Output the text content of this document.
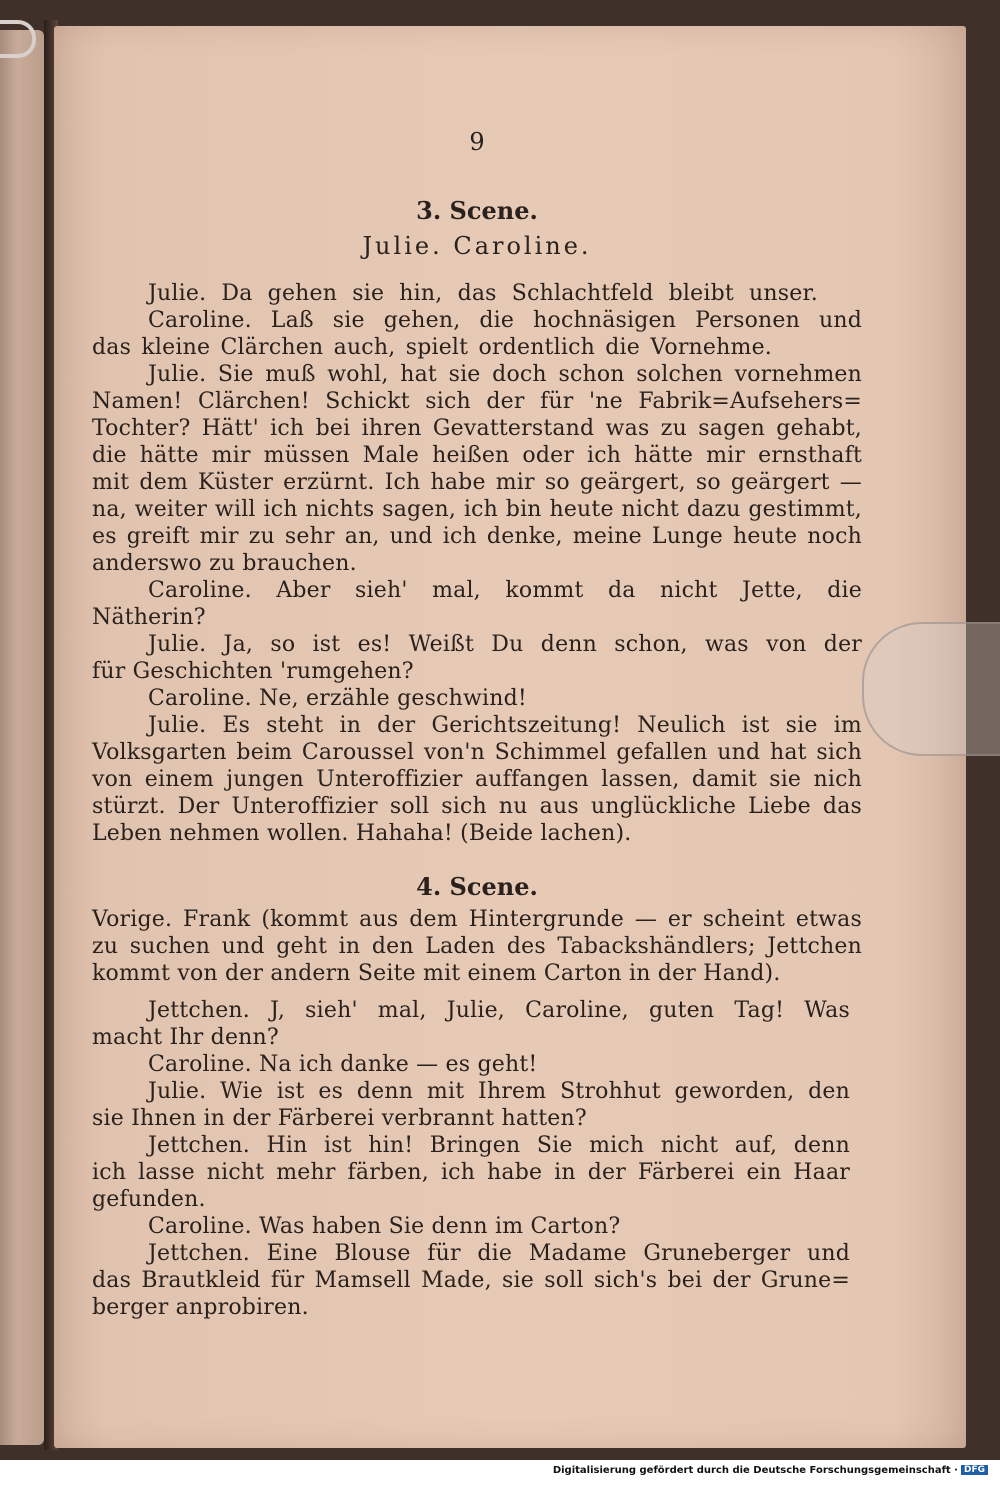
9

3. Scene.

Julie. Caroline.

Julie. Da gehen sie hin, das Schlachtfeld bleibt unser.

Caroline. Laß sie gehen, die hochnäsigen Personen und

das kleine Clärchen auch, spielt ordentlich die Vornehme.

Julie. Sie muß wohl, hat sie doch schon solchen vornehmen

Namen! Clärchen! Schickt sich der für 'ne Fabrik=Aufsehers=

Tochter? Hätt' ich bei ihren Gevatterstand was zu sagen gehabt,

die hätte mir müssen Male heißen oder ich hätte mir ernsthaft

mit dem Küster erzürnt. Ich habe mir so geärgert, so geärgert —

na, weiter will ich nichts sagen, ich bin heute nicht dazu gestimmt,

es greift mir zu sehr an, und ich denke, meine Lunge heute noch

anderswo zu brauchen.

Caroline. Aber sieh' mal, kommt da nicht Jette, die

Nätherin?

Julie. Ja, so ist es! Weißt Du denn schon, was von der

für Geschichten 'rumgehen?

Caroline. Ne, erzähle geschwind!

Julie. Es steht in der Gerichtszeitung! Neulich ist sie im

Volksgarten beim Caroussel von'n Schimmel gefallen und hat sich

von einem jungen Unteroffizier auffangen lassen, damit sie nich

stürzt. Der Unteroffizier soll sich nu aus unglückliche Liebe das

Leben nehmen wollen. Hahaha! (Beide lachen).

4. Scene.

Vorige. Frank (kommt aus dem Hintergrunde — er scheint etwas

zu suchen und geht in den Laden des Tabackshändlers; Jettchen

kommt von der andern Seite mit einem Carton in der Hand).

Jettchen. J, sieh' mal, Julie, Caroline, guten Tag! Was

macht Ihr denn?

Caroline. Na ich danke — es geht!

Julie. Wie ist es denn mit Ihrem Strohhut geworden, den

sie Ihnen in der Färberei verbrannt hatten?

Jettchen. Hin ist hin! Bringen Sie mich nicht auf, denn

ich lasse nicht mehr färben, ich habe in der Färberei ein Haar

gefunden.

Caroline. Was haben Sie denn im Carton?

Jettchen. Eine Blouse für die Madame Gruneberger und

das Brautkleid für Mamsell Made, sie soll sich's bei der Grune=

berger anprobiren.

Digitalisierung gefördert durch die Deutsche Forschungsgemeinschaft · DFG
